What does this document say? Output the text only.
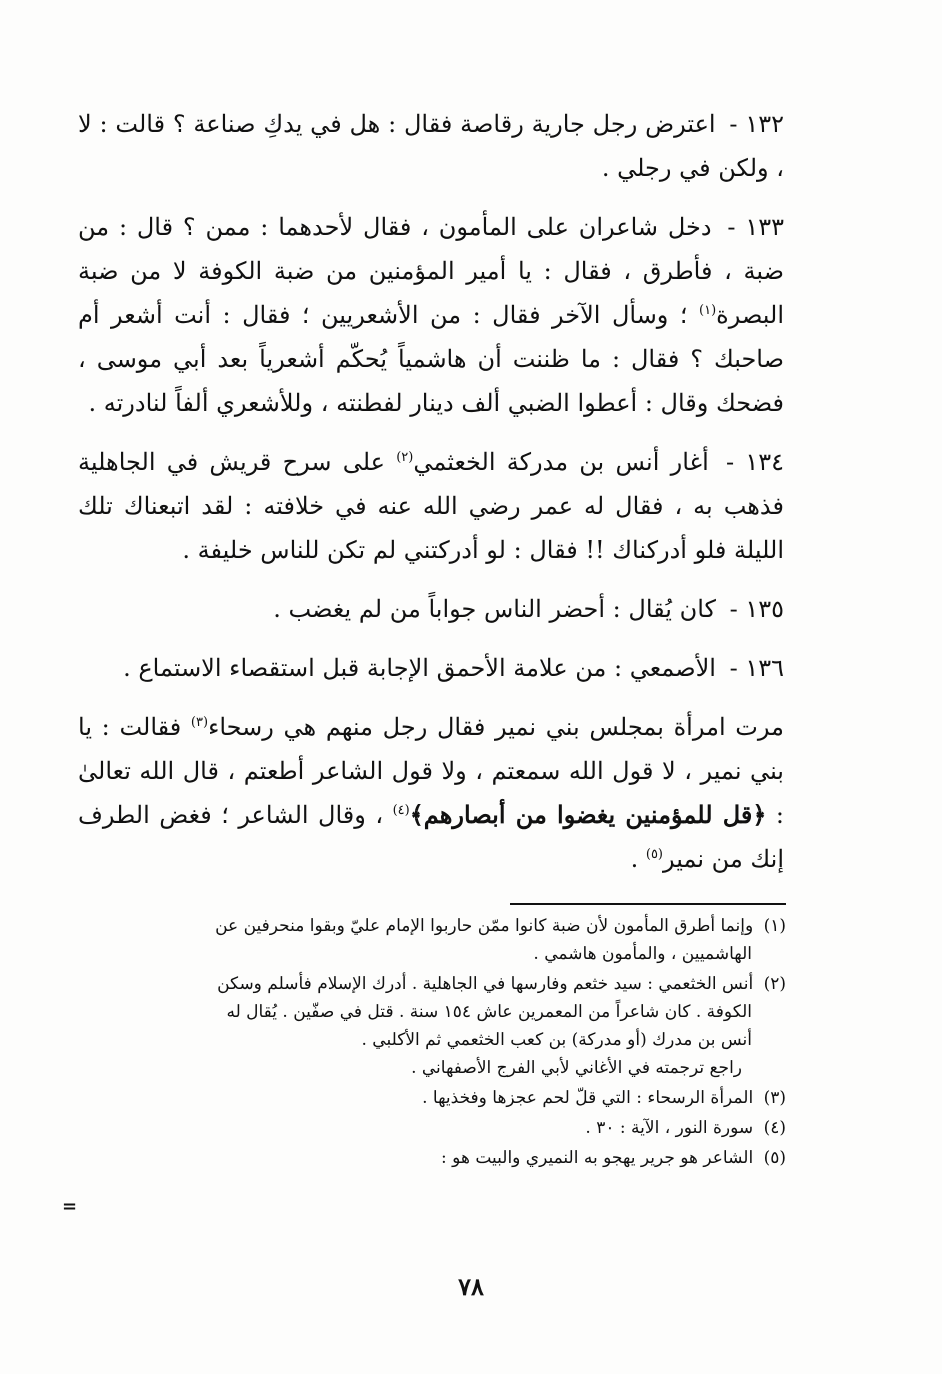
١٣٢ - اعترض رجل جارية رقاصة فقال : هل في يدكِ صناعة ؟ قالت : لا ، ولكن في رجلي .

١٣٣ - دخل شاعران على المأمون ، فقال لأحدهما : ممن ؟ قال : من ضبة ، فأطرق ، فقال : يا أمير المؤمنين من ضبة الكوفة لا من ضبة البصرة$^{(١)}$ ؛ وسأل الآخر فقال : من الأشعريين ؛ فقال : أنت أشعر أم صاحبك ؟ فقال : ما ظننت أن هاشمياً يُحكّم أشعرياً بعد أبي موسى ، فضحك وقال : أعطوا الضبي ألف دينار لفطنته ، وللأشعري ألفاً لنادرته .

١٣٤ - أغار أنس بن مدركة الخعثمي$^{(٢)}$ على سرح قريش في الجاهلية فذهب به ، فقال له عمر رضي الله عنه في خلافته : لقد اتبعناك تلك الليلة فلو أدركناك !! فقال : لو أدركتني لم تكن للناس خليفة .

١٣٥ - كان يُقال : أحضر الناس جواباً من لم يغضب .

١٣٦ - الأصمعي : من علامة الأحمق الإجابة قبل استقصاء الاستماع .

مرت امرأة بمجلس بني نمير فقال رجل منهم هي رسحاء$^{(٣)}$ فقالت : يا بني نمير ، لا قول الله سمعتم ، ولا قول الشاعر أطعتم ، قال الله تعالىٰ : ﴿قل للمؤمنين يغضوا من أبصارهم﴾$^{(٤)}$ ، وقال الشاعر ؛ فغض الطرف إنك من نمير$^{(٥)}$ .

(١) وإنما أطرق المأمون لأن ضبة كانوا ممّن حاربوا الإمام عليّ وبقوا منحرفين عن
الهاشميين ، والمأمون هاشمي .
(٢) أنس الخثعمي : سيد خثعم وفارسها في الجاهلية . أدرك الإسلام فأسلم وسكن
الكوفة . كان شاعراً من المعمرين عاش ١٥٤ سنة . قتل في صفّين . يُقال له
أنس بن مدرك (أو مدركة) بن كعب الخثعمي ثم الأكلبي .
راجع ترجمته في الأغاني لأبي الفرج الأصفهاني .
(٣) المرأة الرسحاء : التي قلّ لحم عجزها وفخذيها .
(٤) سورة النور ، الآية : ٣٠ .
(٥) الشاعر هو جرير يهجو به النميري والبيت هو :
=
٧٨
